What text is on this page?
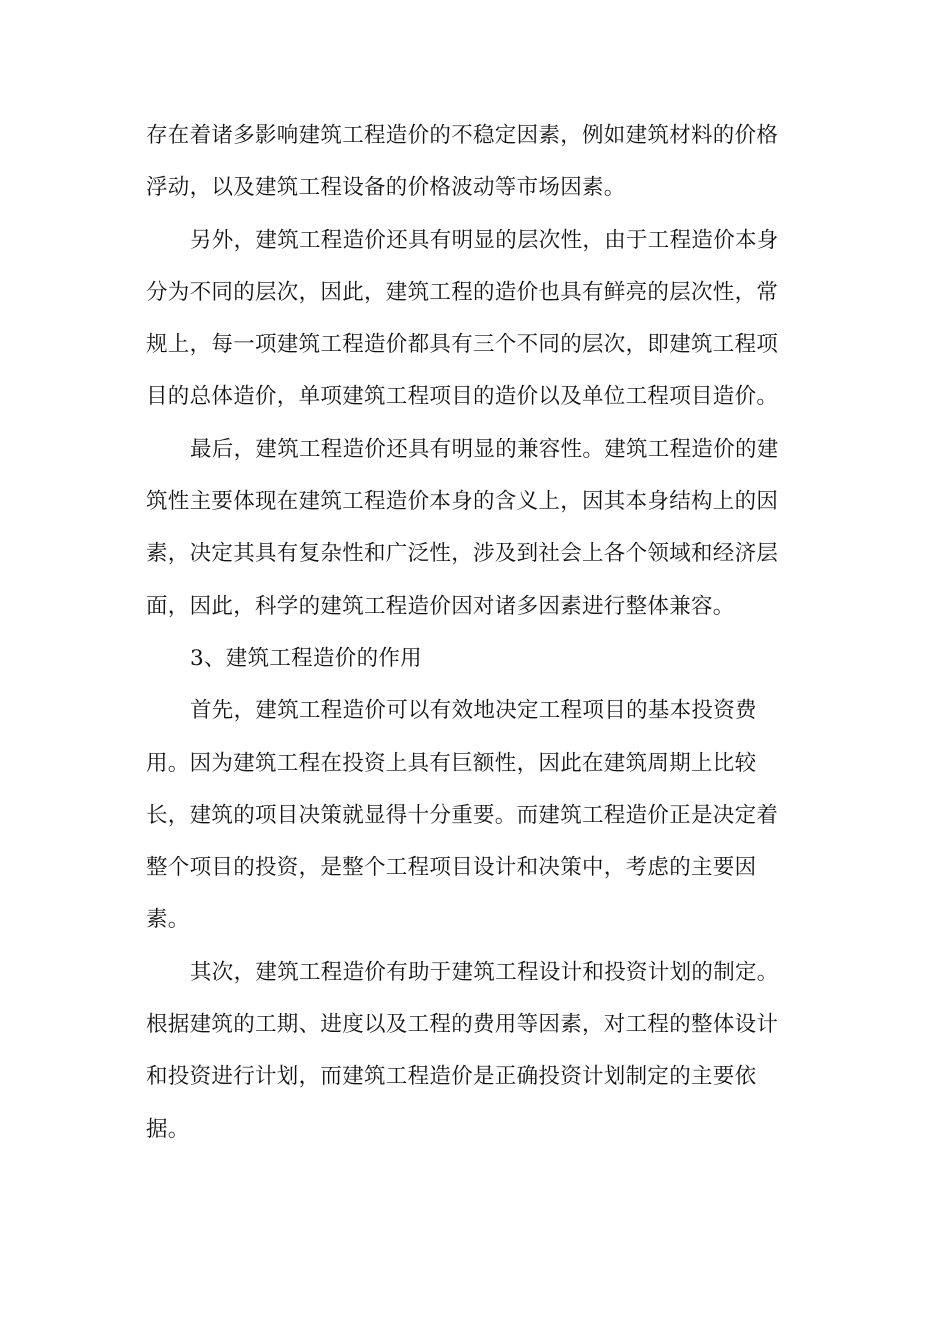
存在着诸多影响建筑工程造价的不稳定因素，例如建筑材料的价格
浮动，以及建筑工程设备的价格波动等市场因素。
另外，建筑工程造价还具有明显的层次性，由于工程造价本身
分为不同的层次，因此，建筑工程的造价也具有鲜亮的层次性，常
规上，每一项建筑工程造价都具有三个不同的层次，即建筑工程项
目的总体造价，单项建筑工程项目的造价以及单位工程项目造价。
最后，建筑工程造价还具有明显的兼容性。建筑工程造价的建
筑性主要体现在建筑工程造价本身的含义上，因其本身结构上的因
素，决定其具有复杂性和广泛性，涉及到社会上各个领域和经济层
面，因此，科学的建筑工程造价因对诸多因素进行整体兼容。
3、建筑工程造价的作用
首先，建筑工程造价可以有效地决定工程项目的基本投资费
用。因为建筑工程在投资上具有巨额性，因此在建筑周期上比较
长，建筑的项目决策就显得十分重要。而建筑工程造价正是决定着
整个项目的投资，是整个工程项目设计和决策中，考虑的主要因
素。
其次，建筑工程造价有助于建筑工程设计和投资计划的制定。
根据建筑的工期、进度以及工程的费用等因素，对工程的整体设计
和投资进行计划，而建筑工程造价是正确投资计划制定的主要依
据。
